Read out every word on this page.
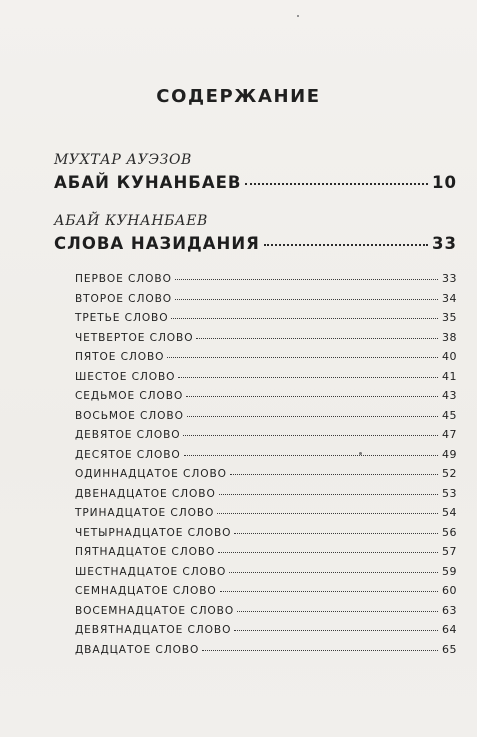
СОДЕРЖАНИЕ
МУХТАР АУЭЗОВ
АБАЙ КУНАНБАЕВ	10
АБАЙ КУНАНБАЕВ
СЛОВА НАЗИДАНИЯ	33
ПЕРВОЕ СЛОВО	33
ВТОРОЕ СЛОВО	34
ТРЕТЬЕ СЛОВО	35
ЧЕТВЕРТОЕ СЛОВО	38
ПЯТОЕ СЛОВО	40
ШЕСТОЕ СЛОВО	41
СЕДЬМОЕ СЛОВО	43
ВОСЬМОЕ СЛОВО	45
ДЕВЯТОЕ СЛОВО	47
ДЕСЯТОЕ СЛОВО	49
ОДИННАДЦАТОЕ СЛОВО	52
ДВЕНАДЦАТОЕ СЛОВО	53
ТРИНАДЦАТОЕ СЛОВО	54
ЧЕТЫРНАДЦАТОЕ СЛОВО	56
ПЯТНАДЦАТОЕ СЛОВО	57
ШЕСТНАДЦАТОЕ СЛОВО	59
СЕМНАДЦАТОЕ СЛОВО	60
ВОСЕМНАДЦАТОЕ СЛОВО	63
ДЕВЯТНАДЦАТОЕ СЛОВО	64
ДВАДЦАТОЕ СЛОВО	65
